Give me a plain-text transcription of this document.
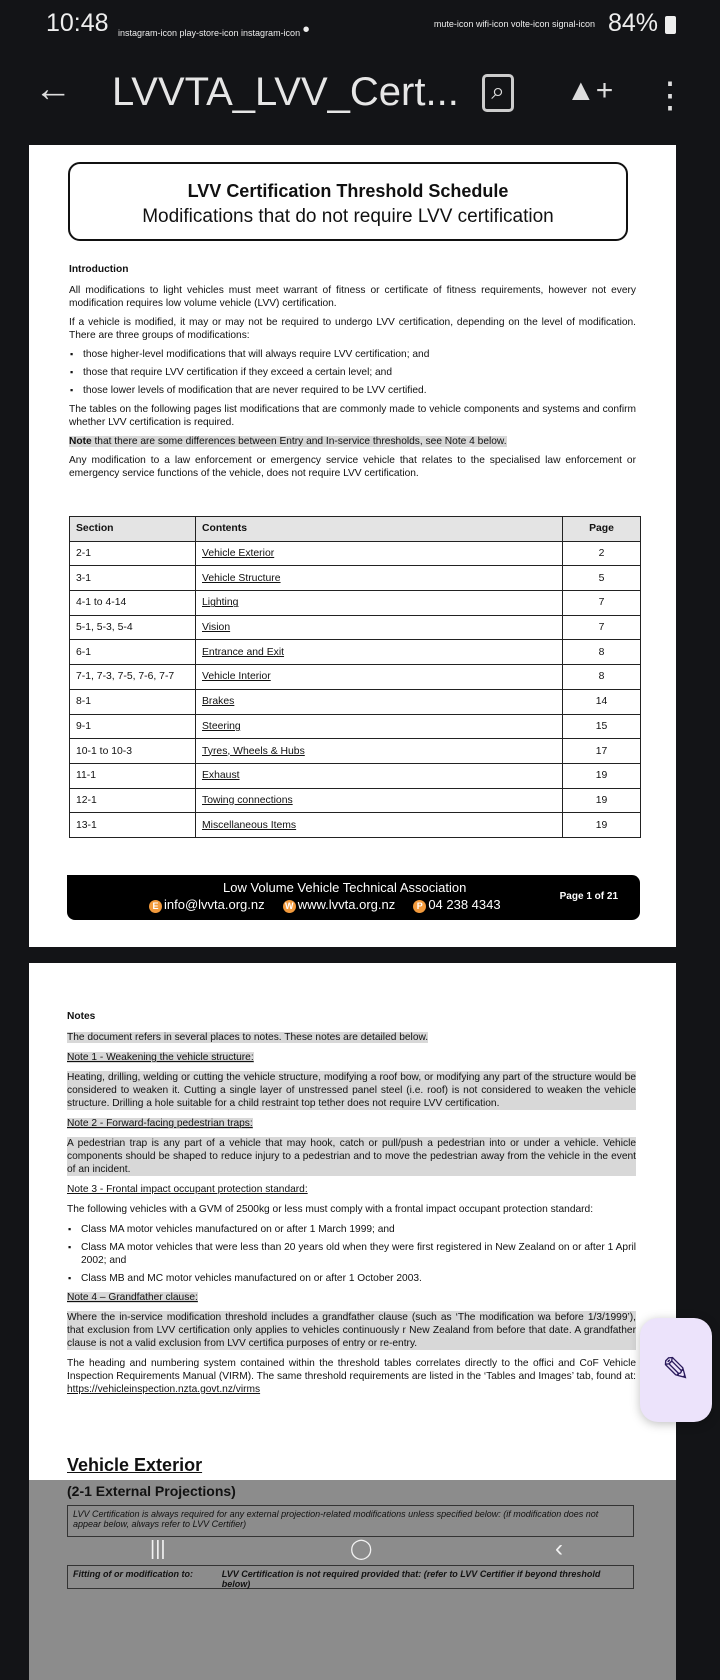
10:48 instagram-icon play-store-icon instagram-icon •	mute-icon wifi-icon volte-icon signal-icon 84%
← LVVTA_LVV_Cert...	⌕	▲+ ⋮
LVV Certification Threshold Schedule
Modifications that do not require LVV certification
Introduction

All modifications to light vehicles must meet warrant of fitness or certificate of fitness requirements, however not every modification requires low volume vehicle (LVV) certification.

If a vehicle is modified, it may or may not be required to undergo LVV certification, depending on the level of modification. There are three groups of modifications:

▪ those higher-level modifications that will always require LVV certification; and
▪ those that require LVV certification if they exceed a certain level; and
▪ those lower levels of modification that are never required to be LVV certified.

The tables on the following pages list modifications that are commonly made to vehicle components and systems and confirm whether LVV certification is required.

Note that there are some differences between Entry and In-service thresholds, see Note 4 below.

Any modification to a law enforcement or emergency service vehicle that relates to the specialised law enforcement or emergency service functions of the vehicle, does not require LVV certification.

Section	Contents	Page
2-1	Vehicle Exterior	2
3-1	Vehicle Structure	5
4-1 to 4-14	Lighting	7
5-1, 5-3, 5-4	Vision	7
6-1	Entrance and Exit	8
7-1, 7-3, 7-5, 7-6, 7-7	Vehicle Interior	8
8-1	Brakes	14
9-1	Steering	15
10-1 to 10-3	Tyres, Wheels & Hubs	17
11-1	Exhaust	19
12-1	Towing connections	19
13-1	Miscellaneous Items	19
Low Volume Vehicle Technical Association
E info@lvvta.org.nz W www.lvvta.org.nz P 04 238 4343
Page 1 of 21
Notes

The document refers in several places to notes. These notes are detailed below.

Note 1 - Weakening the vehicle structure:

Heating, drilling, welding or cutting the vehicle structure, modifying a roof bow, or modifying any part of the structure would be considered to weaken it. Cutting a single layer of unstressed panel steel (i.e. roof) is not considered to weaken the vehicle structure. Drilling a hole suitable for a child restraint top tether does not require LVV certification.

Note 2 - Forward-facing pedestrian traps:

A pedestrian trap is any part of a vehicle that may hook, catch or pull/push a pedestrian into or under a vehicle. Vehicle components should be shaped to reduce injury to a pedestrian and to move the pedestrian away from the vehicle in the event of an incident.

Note 3 - Frontal impact occupant protection standard:

The following vehicles with a GVM of 2500kg or less must comply with a frontal impact occupant protection standard:

▪ Class MA motor vehicles manufactured on or after 1 March 1999; and
▪ Class MA motor vehicles that were less than 20 years old when they were first registered in New Zealand on or after 1 April 2002; and
▪ Class MB and MC motor vehicles manufactured on or after 1 October 2003.

Note 4 – Grandfather clause:

Where the in-service modification threshold includes a grandfather clause (such as ‘The modification wa before 1/3/1999’), that exclusion from LVV certification only applies to vehicles continuously r New Zealand from before that date. A grandfather clause is not a valid exclusion from LVV certifica purposes of entry or re-entry.

The heading and numbering system contained within the threshold tables correlates directly to the offici and CoF Vehicle Inspection Requirements Manual (VIRM). The same threshold requirements are listed in the ‘Tables and Images’ tab, found at: https://vehicleinspection.nzta.govt.nz/virms

Vehicle Exterior
(2-1 External Projections)
LVV Certification is always required for any external projection-related modifications unless specified below: (if modification does not appear below, always refer to LVV Certifier)
Fitting of or modification to:	LVV Certification is not required provided that: (refer to LVV Certifier if beyond threshold below)
✎
|||	◯	‹
